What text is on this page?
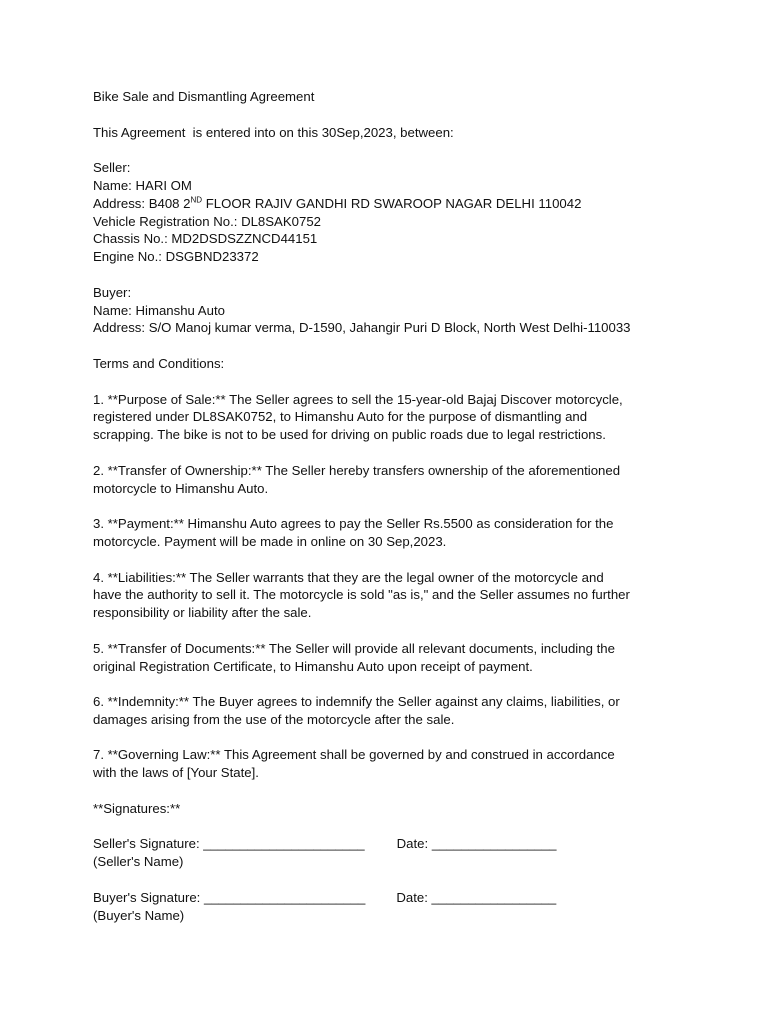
Bike Sale and Dismantling Agreement
This Agreement  is entered into on this 30Sep,2023, between:
Seller:
Name: HARI OM
Address: B408 2ND FLOOR RAJIV GANDHI RD SWAROOP NAGAR DELHI 110042
Vehicle Registration No.: DL8SAK0752
Chassis No.: MD2DSDSZZNCD44151
Engine No.: DSGBND23372
Buyer:
Name: Himanshu Auto
Address: S/O Manoj kumar verma, D-1590, Jahangir Puri D Block, North West Delhi-110033
Terms and Conditions:
1. **Purpose of Sale:** The Seller agrees to sell the 15-year-old Bajaj Discover motorcycle,
registered under DL8SAK0752, to Himanshu Auto for the purpose of dismantling and
scrapping. The bike is not to be used for driving on public roads due to legal restrictions.
2. **Transfer of Ownership:** The Seller hereby transfers ownership of the aforementioned
motorcycle to Himanshu Auto.
3. **Payment:** Himanshu Auto agrees to pay the Seller Rs.5500 as consideration for the
motorcycle. Payment will be made in online on 30 Sep,2023.
4. **Liabilities:** The Seller warrants that they are the legal owner of the motorcycle and
have the authority to sell it. The motorcycle is sold "as is," and the Seller assumes no further
responsibility or liability after the sale.
5. **Transfer of Documents:** The Seller will provide all relevant documents, including the
original Registration Certificate, to Himanshu Auto upon receipt of payment.
6. **Indemnity:** The Buyer agrees to indemnify the Seller against any claims, liabilities, or
damages arising from the use of the motorcycle after the sale.
7. **Governing Law:** This Agreement shall be governed by and construed in accordance
with the laws of [Your State].
**Signatures:**
Seller's Signature: ______________________ Date: _________________
(Seller's Name)
Buyer's Signature: ______________________ Date: _________________
(Buyer's Name)
